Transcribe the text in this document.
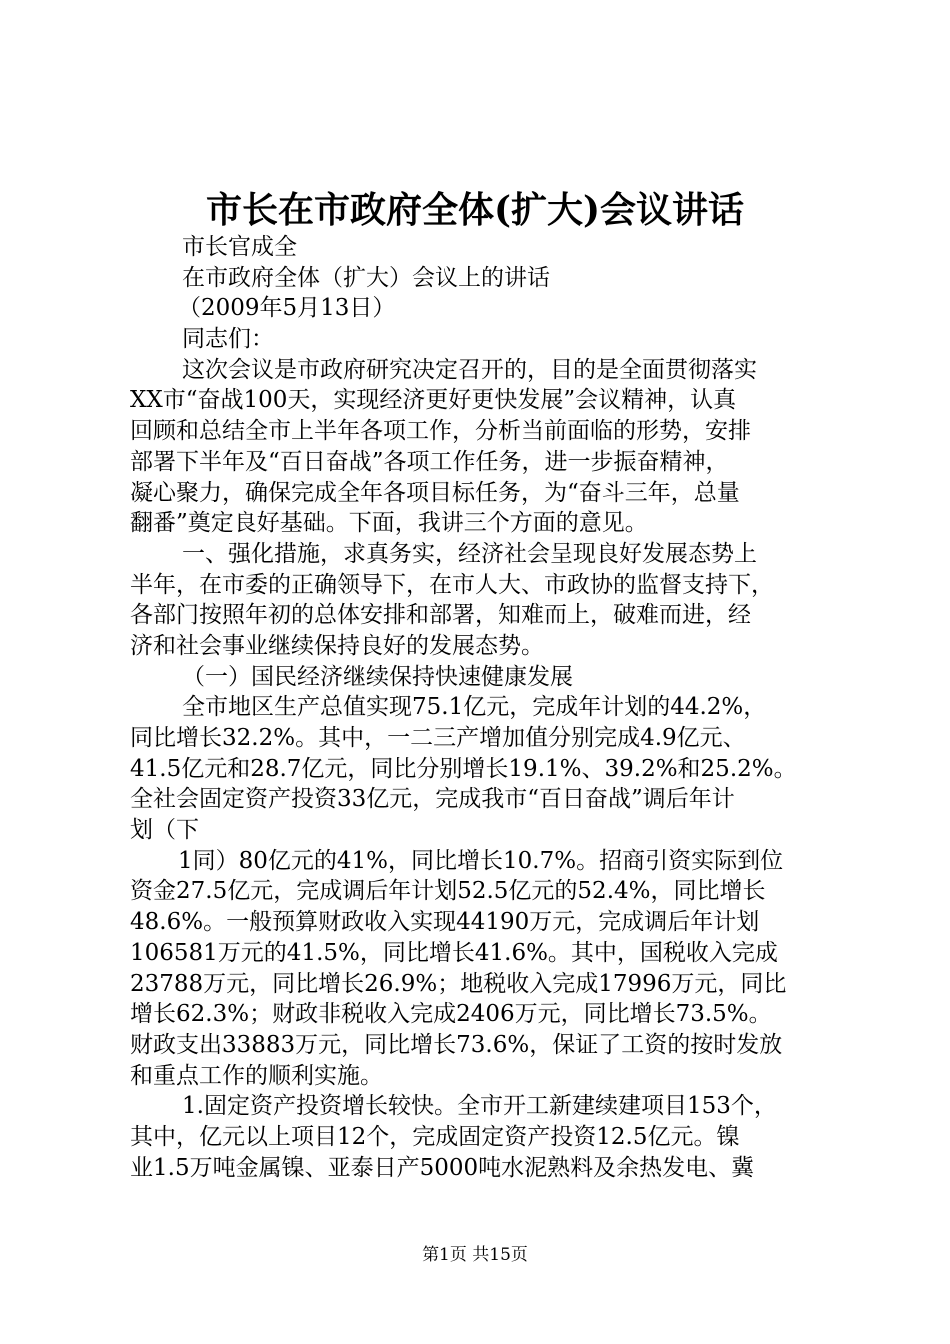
市长在市政府全体(扩大)会议讲话
市长官成全
在市政府全体（扩大）会议上的讲话
（2009年5月13日）
同志们：
这次会议是市政府研究决定召开的，目的是全面贯彻落实
XX市“奋战100天，实现经济更好更快发展”会议精神，认真
回顾和总结全市上半年各项工作，分析当前面临的形势，安排
部署下半年及“百日奋战”各项工作任务，进一步振奋精神，
凝心聚力，确保完成全年各项目标任务，为“奋斗三年，总量
翻番”奠定良好基础。下面，我讲三个方面的意见。
一、强化措施，求真务实，经济社会呈现良好发展态势上
半年，在市委的正确领导下，在市人大、市政协的监督支持下，
各部门按照年初的总体安排和部署，知难而上，破难而进，经
济和社会事业继续保持良好的发展态势。
（一）国民经济继续保持快速健康发展
全市地区生产总值实现75.1亿元，完成年计划的44.2%，
同比增长32.2%。其中，一二三产增加值分别完成4.9亿元、
41.5亿元和28.7亿元，同比分别增长19.1%、39.2%和25.2%。
全社会固定资产投资33亿元，完成我市“百日奋战”调后年计
划（下
1同）80亿元的41%，同比增长10.7%。招商引资实际到位
资金27.5亿元，完成调后年计划52.5亿元的52.4%，同比增长
48.6%。一般预算财政收入实现44190万元，完成调后年计划
106581万元的41.5%，同比增长41.6%。其中，国税收入完成
23788万元，同比增长26.9%；地税收入完成17996万元，同比
增长62.3%；财政非税收入完成2406万元，同比增长73.5%。
财政支出33883万元，同比增长73.6%，保证了工资的按时发放
和重点工作的顺利实施。
1.固定资产投资增长较快。全市开工新建续建项目153个，
其中，亿元以上项目12个，完成固定资产投资12.5亿元。镍
业1.5万吨金属镍、亚泰日产5000吨水泥熟料及余热发电、冀
第1页 共15页
